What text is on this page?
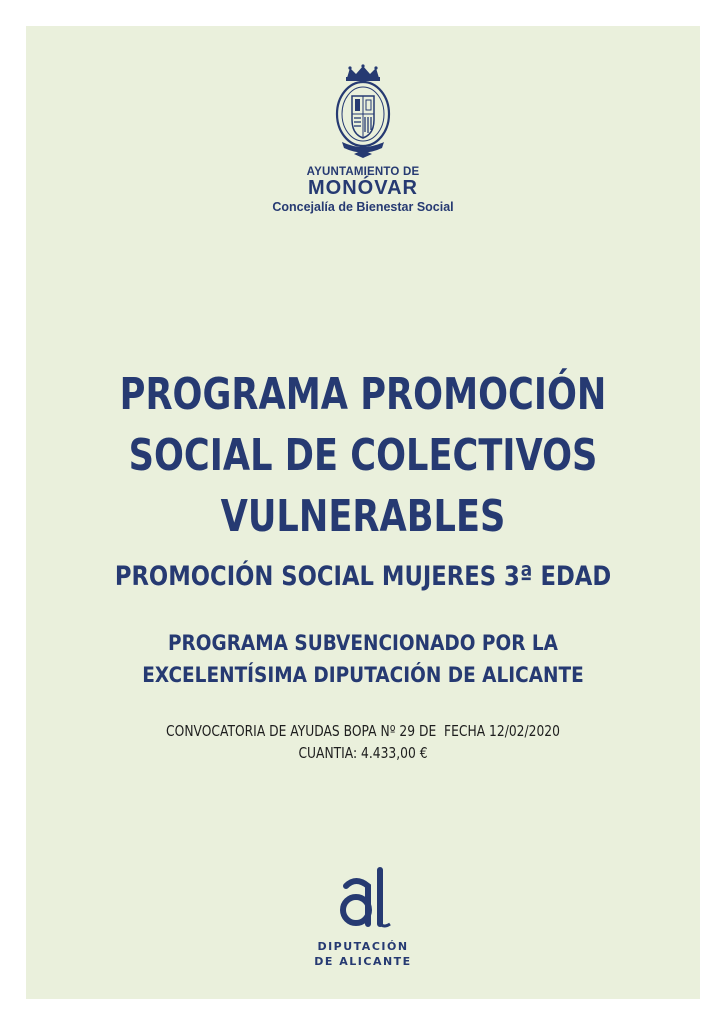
AYUNTAMIENTO DE
MONÓVAR
Concejalía de Bienestar Social
PROGRAMA PROMOCIÓN
SOCIAL DE COLECTIVOS
VULNERABLES
PROMOCIÓN SOCIAL MUJERES 3ª EDAD
PROGRAMA SUBVENCIONADO POR LA
EXCELENTÍSIMA DIPUTACIÓN DE ALICANTE
CONVOCATORIA DE AYUDAS BOPA Nº 29 DE  FECHA 12/02/2020
CUANTIA: 4.433,00 €
DIPUTACIÓN
DE ALICANTE
